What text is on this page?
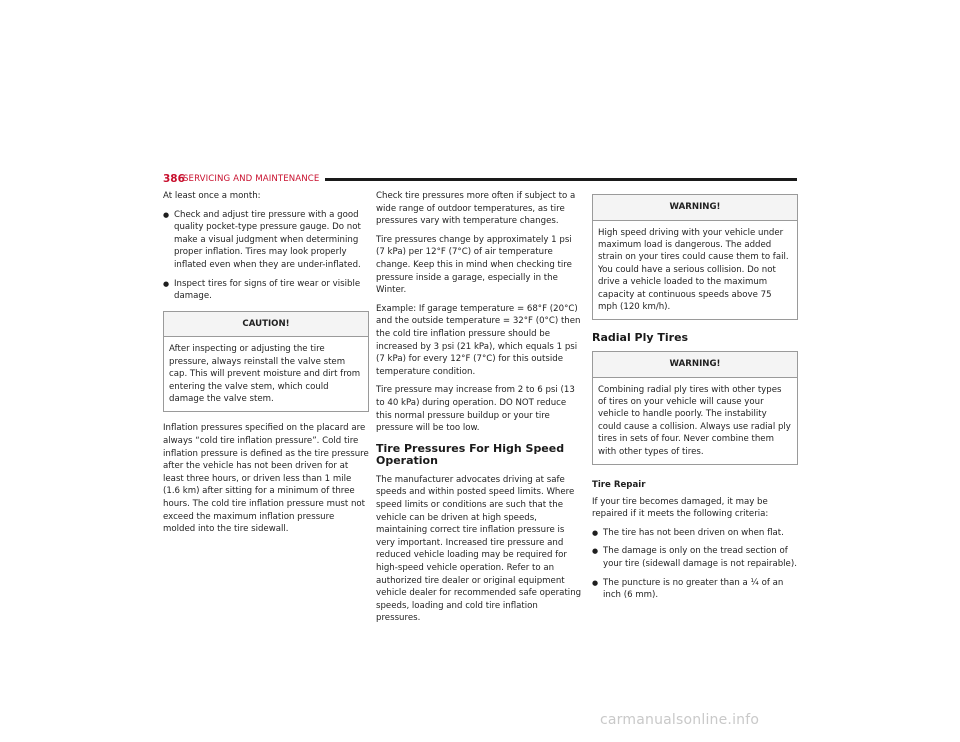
386
SERVICING AND MAINTENANCE

At least once a month:

● Check and adjust tire pressure with a good quality pocket-type pressure gauge. Do not make a visual judgment when determining proper inflation. Tires may look properly inflated even when they are under-inflated.
● Inspect tires for signs of tire wear or visible damage.
CAUTION!
After inspecting or adjusting the tire pressure, always reinstall the valve stem cap. This will prevent moisture and dirt from entering the valve stem, which could damage the valve stem.

Inflation pressures specified on the placard are always “cold tire inflation pressure”. Cold tire inflation pressure is defined as the tire pressure after the vehicle has not been driven for at least three hours, or driven less than 1 mile (1.6 km) after sitting for a minimum of three hours. The cold tire inflation pressure must not exceed the maximum inflation pressure molded into the tire sidewall.

Check tire pressures more often if subject to a wide range of outdoor temperatures, as tire pressures vary with temperature changes.

Tire pressures change by approximately 1 psi (7 kPa) per 12°F (7°C) of air temperature change. Keep this in mind when checking tire pressure inside a garage, especially in the Winter.

Example: If garage temperature = 68°F (20°C) and the outside temperature = 32°F (0°C) then the cold tire inflation pressure should be increased by 3 psi (21 kPa), which equals 1 psi (7 kPa) for every 12°F (7°C) for this outside temperature condition.

Tire pressure may increase from 2 to 6 psi (13 to 40 kPa) during operation. DO NOT reduce this normal pressure buildup or your tire pressure will be too low.

Tire Pressures For High Speed Operation

The manufacturer advocates driving at safe speeds and within posted speed limits. Where speed limits or conditions are such that the vehicle can be driven at high speeds, maintaining correct tire inflation pressure is very important. Increased tire pressure and reduced vehicle loading may be required for high-speed vehicle operation. Refer to an authorized tire dealer or original equipment vehicle dealer for recommended safe operating speeds, loading and cold tire inflation pressures.

WARNING!
High speed driving with your vehicle under maximum load is dangerous. The added strain on your tires could cause them to fail. You could have a serious collision. Do not drive a vehicle loaded to the maximum capacity at continuous speeds above 75 mph (120 km/h).
Radial Ply Tires
WARNING!
Combining radial ply tires with other types of tires on your vehicle will cause your vehicle to handle poorly. The instability could cause a collision. Always use radial ply tires in sets of four. Never combine them with other types of tires.
Tire Repair

If your tire becomes damaged, it may be repaired if it meets the following criteria:

● The tire has not been driven on when flat.
● The damage is only on the tread section of your tire (sidewall damage is not repairable).
● The puncture is no greater than a ¼ of an inch (6 mm).
carmanualsonline.info
